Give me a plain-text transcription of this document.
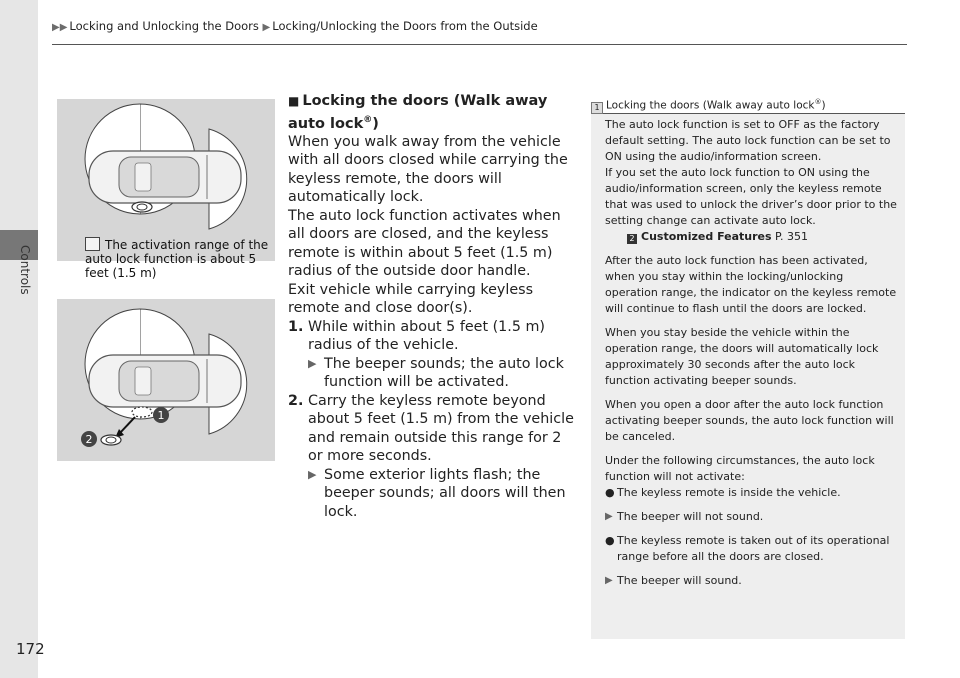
Controls
▶▶ Locking and Unlocking the Doors ▶ Locking/Unlocking the Doors from the Outside
The activation range of the auto lock function is about 5 feet (1.5 m)
1
2
■ Locking the doors (Walk away auto lock®)

When you walk away from the vehicle with all doors closed while carrying the keyless remote, the doors will automatically lock.

The auto lock function activates when all doors are closed, and the keyless remote is within about 5 feet (1.5 m) radius of the outside door handle.

Exit vehicle while carrying keyless remote and close door(s).

1. While within about 5 feet (1.5 m) radius of the vehicle.
▶ The beeper sounds; the auto lock function will be activated.
2. Carry the keyless remote beyond about 5 feet (1.5 m) from the vehicle and remain outside this range for 2 or more seconds.
▶ Some exterior lights flash; the beeper sounds; all doors will then lock.
1 Locking the doors (Walk away auto lock®)

The auto lock function is set to OFF as the factory default setting. The auto lock function can be set to ON using the audio/information screen.

If you set the auto lock function to ON using the audio/information screen, only the keyless remote that was used to unlock the driver’s door prior to the setting change can activate auto lock.

2 Customized Features P. 351

After the auto lock function has been activated, when you stay within the locking/unlocking operation range, the indicator on the keyless remote will continue to flash until the doors are locked.

When you stay beside the vehicle within the operation range, the doors will automatically lock approximately 30 seconds after the auto lock function activating beeper sounds.

When you open a door after the auto lock function activating beeper sounds, the auto lock function will be canceled.

Under the following circumstances, the auto lock function will not activate:

● The keyless remote is inside the vehicle.

▶ The beeper will not sound.

● The keyless remote is taken out of its operational range before all the doors are closed.

▶ The beeper will sound.

172
